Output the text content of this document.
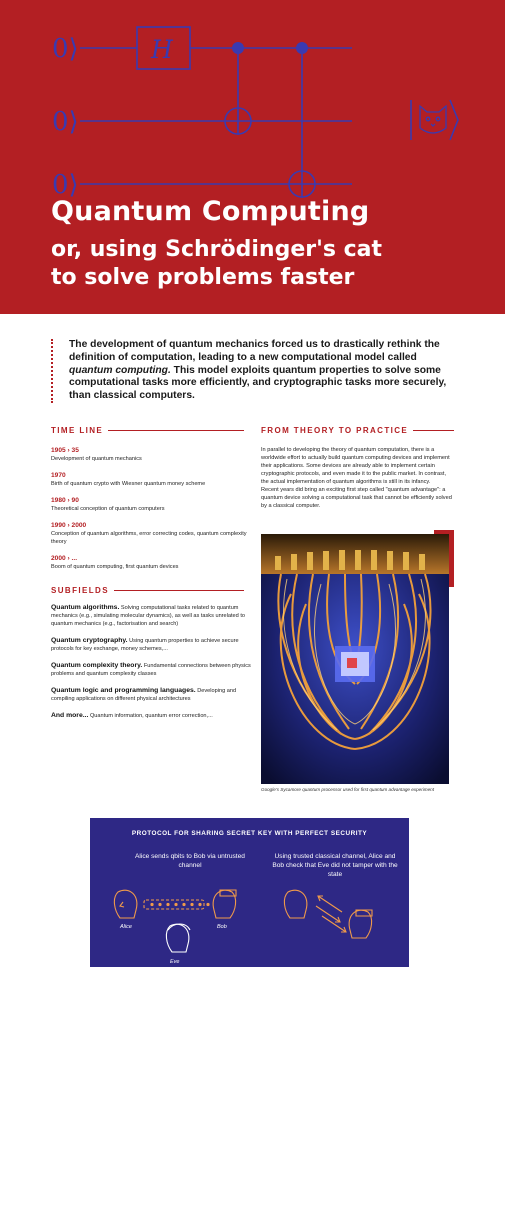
0⟩
0⟩
0⟩
H
Quantum Computing
or, using Schrödinger's cat
to solve problems faster
The development of quantum mechanics forced us to drastically rethink the definition of computation, leading to a new computational model called quantum computing. This model exploits quantum properties to solve some computational tasks more efficiently, and cryptographic tasks more securely, than classical computers.
TIME LINE
1905 › 35
Development of quantum mechanics
1970
Birth of quantum crypto with Wiesner quantum money scheme
1980 › 90
Theoretical conception of quantum computers
1990 › 2000
Conception of quantum algorithms, error correcting codes, quantum complexity theory
2000 › ...
Boom of quantum computing, first quantum devices
SUBFIELDS
Quantum algorithms. Solving computational tasks related to quantum mechanics (e.g., simulating molecular dynamics), as well as tasks unrelated to quantum mechanics (e.g., factorisation and search)
Quantum cryptography. Using quantum properties to achieve secure protocols for key exchange, money schemes,...
Quantum complexity theory. Fundamental connections between physics problems and quantum complexity classes
Quantum logic and programming languages. Developing and compiling applications on different physical architectures
And more... Quantum information, quantum error correction,...
FROM THEORY TO PRACTICE
In parallel to developing the theory of quantum computation, there is a worldwide effort to actually build quantum computing devices and implement their applications. Some devices are already able to implement certain cryptographic protocols, and even made it to the public market. In contrast, the actual implementation of quantum algorithms is still in its infancy.
Recent years did bring an exciting first step called "quantum advantage": a quantum device solving a computational task that cannot be efficiently solved by a classical computer.
Google's Sycamore quantum processor used for first quantum advantage experiment
PROTOCOL FOR SHARING SECRET KEY WITH PERFECT SECURITY
Alice sends qbits to Bob via untrusted channel
Using trusted classical channel, Alice and Bob check that Eve did not tamper with the state
Alice	Bob
Eve
